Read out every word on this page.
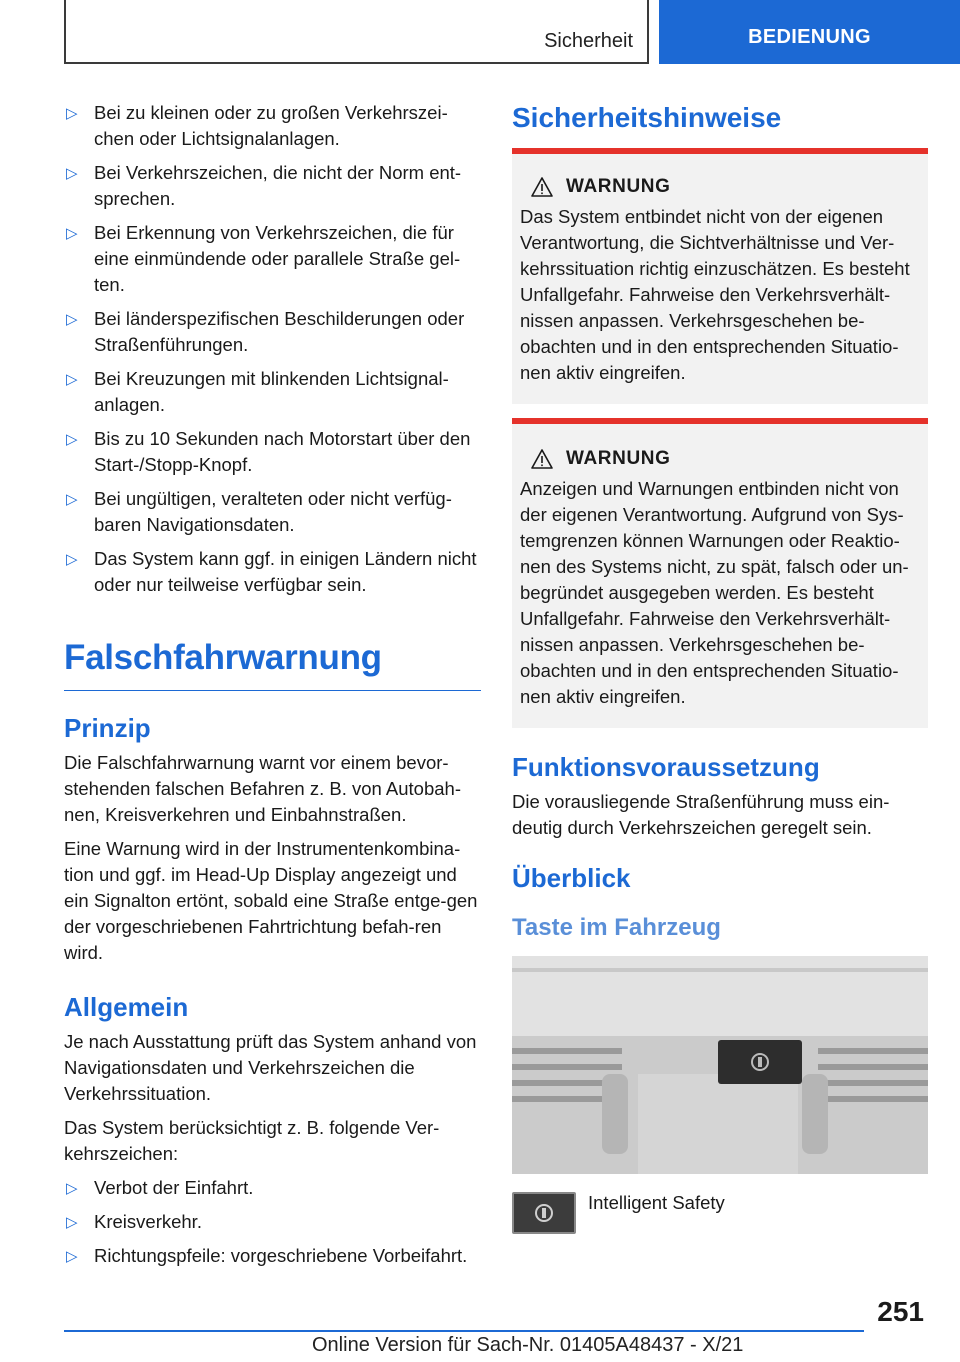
Sicherheit	BEDIENUNG
▷ Bei zu kleinen oder zu großen Verkehrszei-chen oder Lichtsignalanlagen.
▷ Bei Verkehrszeichen, die nicht der Norm ent-sprechen.
▷ Bei Erkennung von Verkehrszeichen, die für eine einmündende oder parallele Straße gel-ten.
▷ Bei länderspezifischen Beschilderungen oder Straßenführungen.
▷ Bei Kreuzungen mit blinkenden Lichtsignal-anlagen.
▷ Bis zu 10 Sekunden nach Motorstart über den Start-/Stopp-Knopf.
▷ Bei ungültigen, veralteten oder nicht verfüg-baren Navigationsdaten.
▷ Das System kann ggf. in einigen Ländern nicht oder nur teilweise verfügbar sein.
Falschfahrwarnung
Prinzip

Die Falschfahrwarnung warnt vor einem bevor-stehenden falschen Befahren z. B. von Autobah-nen, Kreisverkehren und Einbahnstraßen.

Eine Warnung wird in der Instrumentenkombina-tion und ggf. im Head-Up Display angezeigt und ein Signalton ertönt, sobald eine Straße entge-gen der vorgeschriebenen Fahrtrichtung befah-ren wird.

Allgemein

Je nach Ausstattung prüft das System anhand von Navigationsdaten und Verkehrszeichen die Verkehrssituation.

Das System berücksichtigt z. B. folgende Ver-kehrszeichen:

▷ Verbot der Einfahrt.
▷ Kreisverkehr.
▷ Richtungspfeile: vorgeschriebene Vorbeifahrt.
Sicherheitshinweise
WARNUNG
Das System entbindet nicht von der eigenen Verantwortung, die Sichtverhältnisse und Ver-kehrssituation richtig einzuschätzen. Es besteht Unfallgefahr. Fahrweise den Verkehrsverhält-nissen anpassen. Verkehrsgeschehen be-obachten und in den entsprechenden Situatio-nen aktiv eingreifen.
WARNUNG
Anzeigen und Warnungen entbinden nicht von der eigenen Verantwortung. Aufgrund von Sys-temgrenzen können Warnungen oder Reaktio-nen des Systems nicht, zu spät, falsch oder un-begründet ausgegeben werden. Es besteht Unfallgefahr. Fahrweise den Verkehrsverhält-nissen anpassen. Verkehrsgeschehen be-obachten und in den entsprechenden Situatio-nen aktiv eingreifen.
Funktionsvoraussetzung

Die vorausliegende Straßenführung muss ein-deutig durch Verkehrszeichen geregelt sein.

Überblick
Taste im Fahrzeug
Intelligent Safety
251
Online Version für Sach-Nr. 01405A48437 - X/21
